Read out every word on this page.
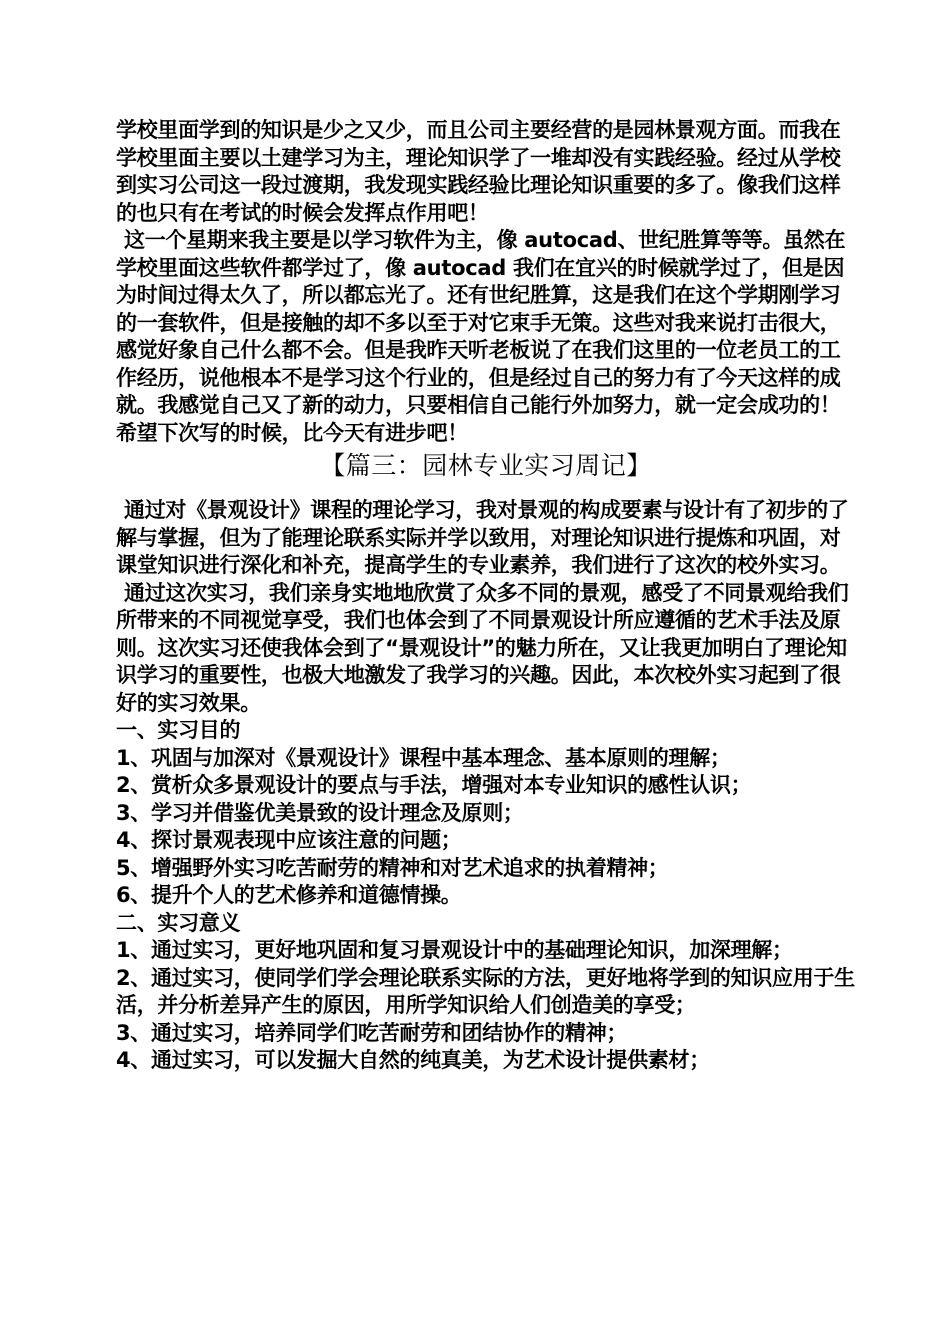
学校里面学到的知识是少之又少，而且公司主要经营的是园林景观方面。而我在学校里面主要以土建学习为主，理论知识学了一堆却没有实践经验。经过从学校到实习公司这一段过渡期，我发现实践经验比理论知识重要的多了。像我们这样的也只有在考试的时候会发挥点作用吧！

这一个星期来我主要是以学习软件为主，像 autocad、世纪胜算等等。虽然在学校里面这些软件都学过了，像 autocad 我们在宜兴的时候就学过了，但是因为时间过得太久了，所以都忘光了。还有世纪胜算，这是我们在这个学期刚学习的一套软件，但是接触的却不多以至于对它束手无策。这些对我来说打击很大，感觉好象自己什么都不会。但是我昨天听老板说了在我们这里的一位老员工的工作经历，说他根本不是学习这个行业的，但是经过自己的努力有了今天这样的成就。我感觉自己又了新的动力，只要相信自己能行外加努力，就一定会成功的！希望下次写的时候，比今天有进步吧！

【篇三：园林专业实习周记】

通过对《景观设计》课程的理论学习，我对景观的构成要素与设计有了初步的了解与掌握，但为了能理论联系实际并学以致用，对理论知识进行提炼和巩固，对课堂知识进行深化和补充，提高学生的专业素养，我们进行了这次的校外实习。

通过这次实习，我们亲身实地地欣赏了众多不同的景观，感受了不同景观给我们所带来的不同视觉享受，我们也体会到了不同景观设计所应遵循的艺术手法及原则。这次实习还使我体会到了“景观设计”的魅力所在，又让我更加明白了理论知识学习的重要性，也极大地激发了我学习的兴趣。因此，本次校外实习起到了很好的实习效果。

一、实习目的

1、巩固与加深对《景观设计》课程中基本理念、基本原则的理解；

2、赏析众多景观设计的要点与手法，增强对本专业知识的感性认识；

3、学习并借鉴优美景致的设计理念及原则；

4、探讨景观表现中应该注意的问题；

5、增强野外实习吃苦耐劳的精神和对艺术追求的执着精神；

6、提升个人的艺术修养和道德情操。

二、实习意义

1、通过实习，更好地巩固和复习景观设计中的基础理论知识，加深理解；

2、通过实习，使同学们学会理论联系实际的方法，更好地将学到的知识应用于生活，并分析差异产生的原因，用所学知识给人们创造美的享受；

3、通过实习，培养同学们吃苦耐劳和团结协作的精神；

4、通过实习，可以发掘大自然的纯真美，为艺术设计提供素材；
